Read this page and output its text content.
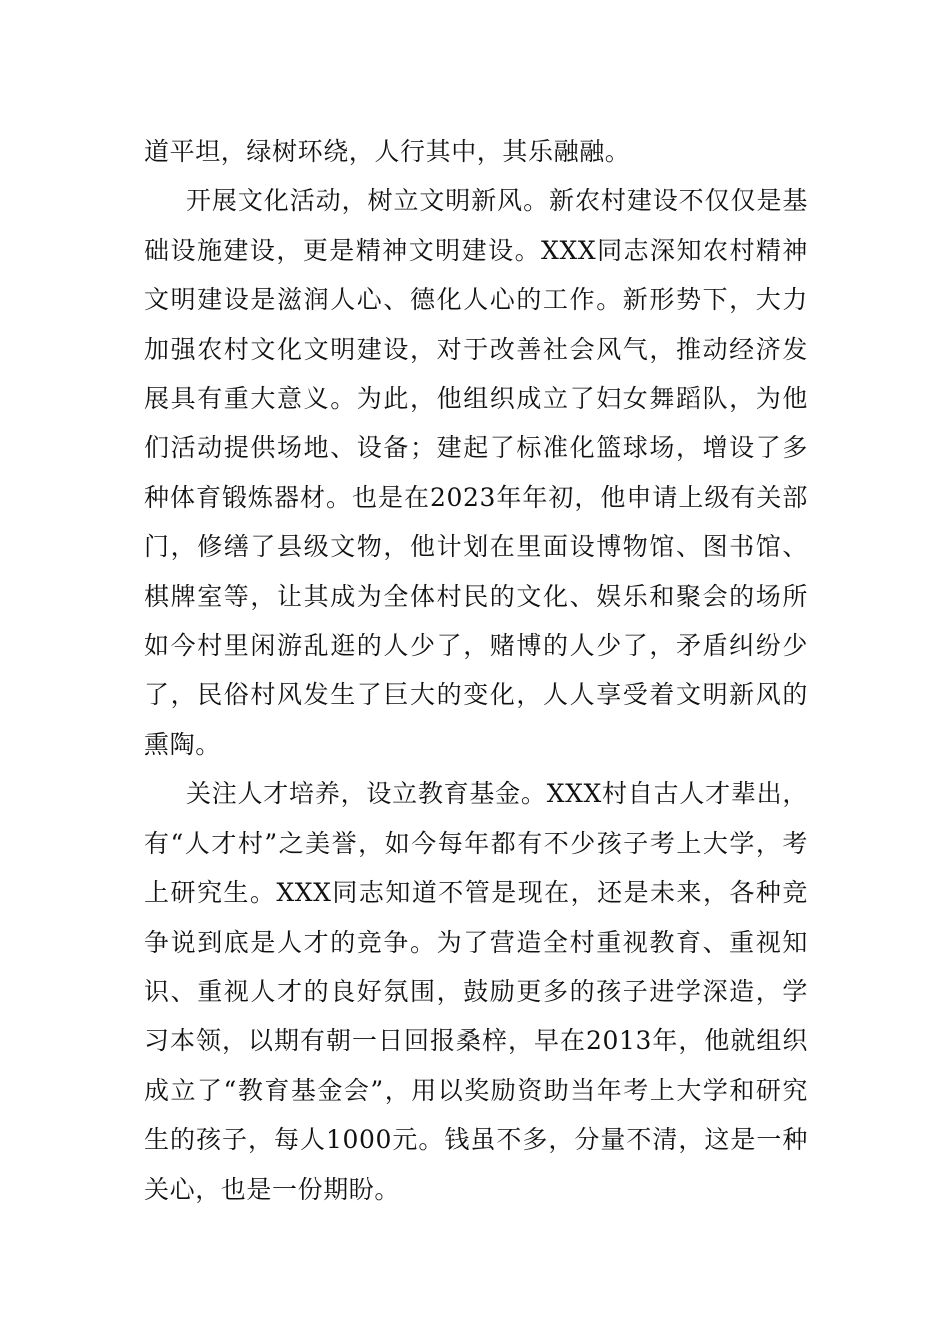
道平坦，绿树环绕，人行其中，其乐融融。

开展文化活动，树立文明新风。新农村建设不仅仅是基础设施建设，更是精神文明建设。XXX同志深知农村精神文明建设是滋润人心、德化人心的工作。新形势下，大力加强农村文化文明建设，对于改善社会风气，推动经济发展具有重大意义。为此，他组织成立了妇女舞蹈队，为他们活动提供场地、设备；建起了标准化篮球场，增设了多种体育锻炼器材。也是在2023年年初，他申请上级有关部门，修缮了县级文物，他计划在里面设博物馆、图书馆、棋牌室等，让其成为全体村民的文化、娱乐和聚会的场所如今村里闲游乱逛的人少了，赌博的人少了，矛盾纠纷少了，民俗村风发生了巨大的变化，人人享受着文明新风的熏陶。

关注人才培养，设立教育基金。XXX村自古人才辈出，有“人才村”之美誉，如今每年都有不少孩子考上大学，考上研究生。XXX同志知道不管是现在，还是未来，各种竞争说到底是人才的竞争。为了营造全村重视教育、重视知识、重视人才的良好氛围，鼓励更多的孩子进学深造，学习本领，以期有朝一日回报桑梓，早在2013年，他就组织成立了“教育基金会”，用以奖励资助当年考上大学和研究生的孩子，每人1000元。钱虽不多，分量不清，这是一种关心，也是一份期盼。
